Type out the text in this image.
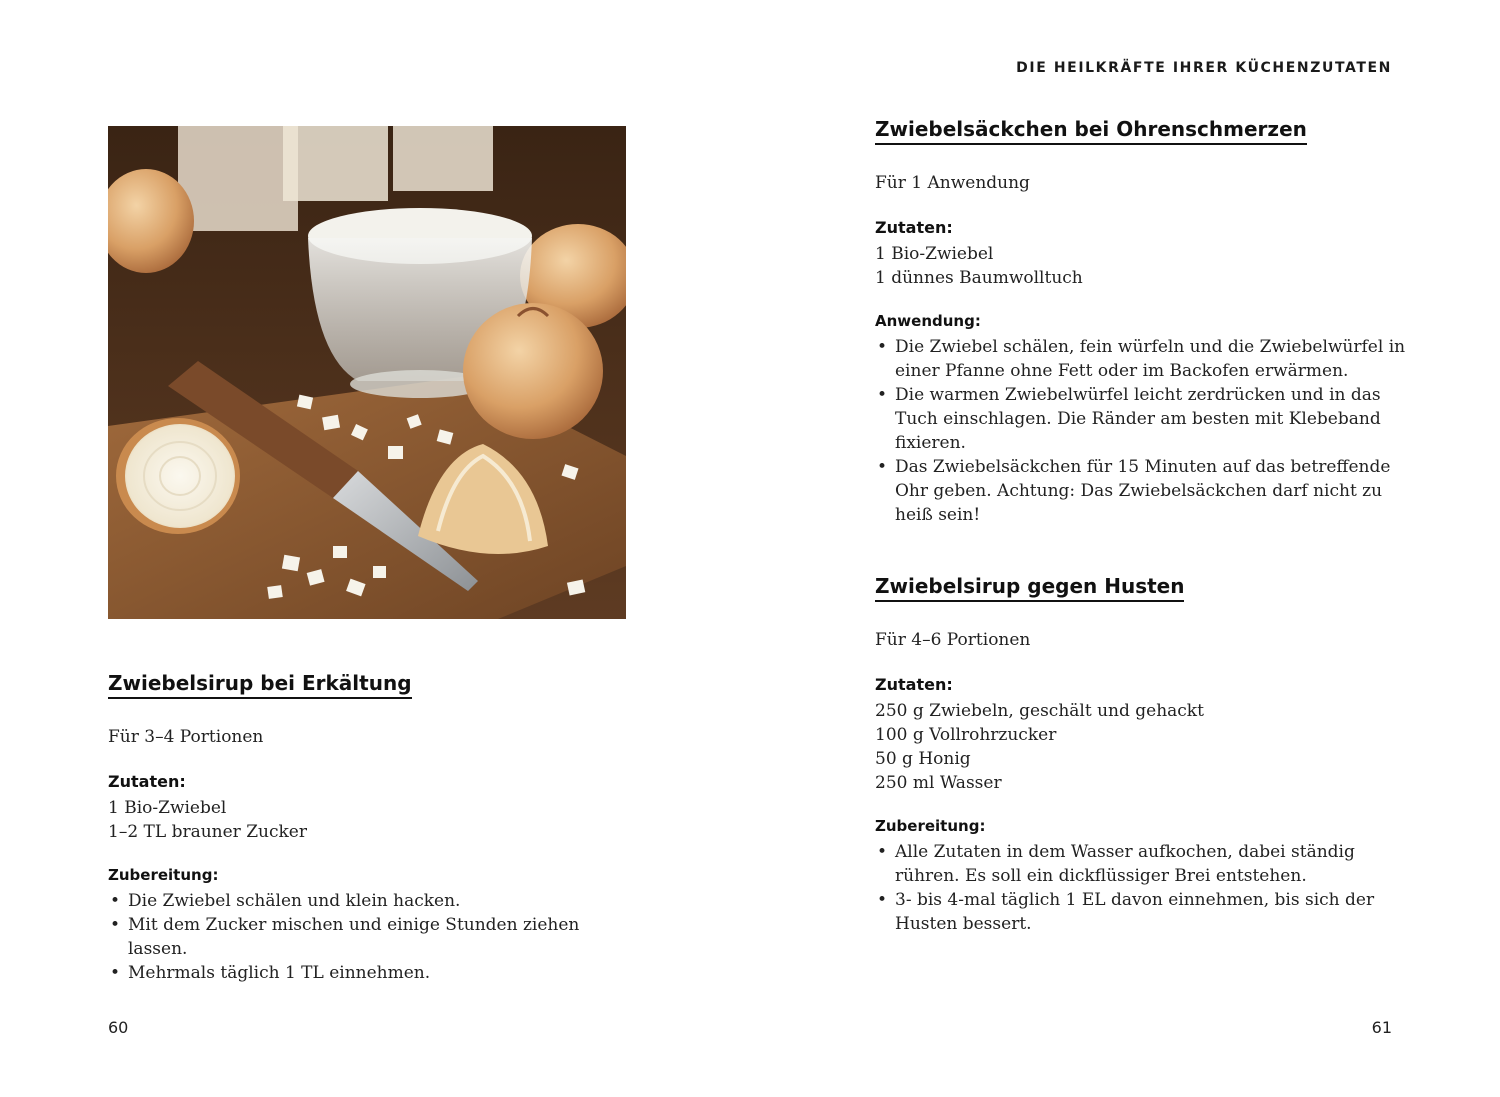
Zwiebelsirup bei Erkältung

Für 3–4 Portionen

Zutaten:
1 Bio-Zwiebel
1–2 TL brauner Zucker
Zubereitung:
• Die Zwiebel schälen und klein hacken.
• Mit dem Zucker mischen und einige Stunden ziehen lassen.
• Mehrmals täglich 1 TL einnehmen.
60
DIE HEILKRÄFTE IHRER KÜCHENZUTATEN
Zwiebelsäckchen bei Ohrenschmerzen

Für 1 Anwendung

Zutaten:
1 Bio-Zwiebel
1 dünnes Baumwolltuch
Anwendung:
• Die Zwiebel schälen, fein würfeln und die Zwiebelwürfel in einer Pfanne ohne Fett oder im Backofen erwärmen.
• Die warmen Zwiebelwürfel leicht zerdrücken und in das Tuch einschlagen. Die Ränder am besten mit Klebeband fixieren.
• Das Zwiebelsäckchen für 15 Minuten auf das betreffende Ohr geben. Achtung: Das Zwiebelsäckchen darf nicht zu heiß sein!
Zwiebelsirup gegen Husten

Für 4–6 Portionen

Zutaten:
250 g Zwiebeln, geschält und gehackt
100 g Vollrohrzucker
50 g Honig
250 ml Wasser
Zubereitung:
• Alle Zutaten in dem Wasser aufkochen, dabei ständig rühren. Es soll ein dickflüssiger Brei entstehen.
• 3- bis 4-mal täglich 1 EL davon einnehmen, bis sich der Husten bessert.
61
